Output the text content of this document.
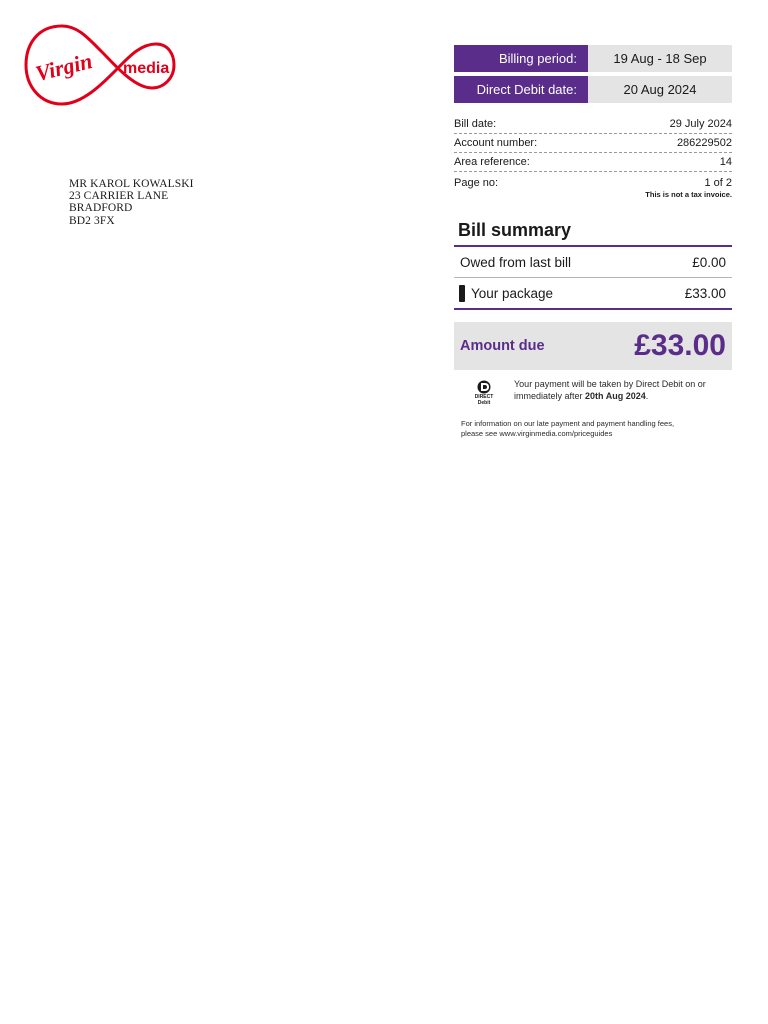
Virgin media
MR KAROL KOWALSKI
23 CARRIER LANE
BRADFORD
BD2 3FX
Billing period:	19 Aug - 18 Sep
Direct Debit date:	20 Aug 2024
Bill date:	29 July 2024
Account number:	286229502
Area reference:	14
Page no:	1 of 2
This is not a tax invoice.
Bill summary
Owed from last bill	£0.00
Your package	£33.00
Amount due	£33.00
DIRECT
Debit
Your payment will be taken by Direct Debit on or immediately after 20th Aug 2024.
For information on our late payment and payment handling fees,
please see www.virginmedia.com/priceguides
